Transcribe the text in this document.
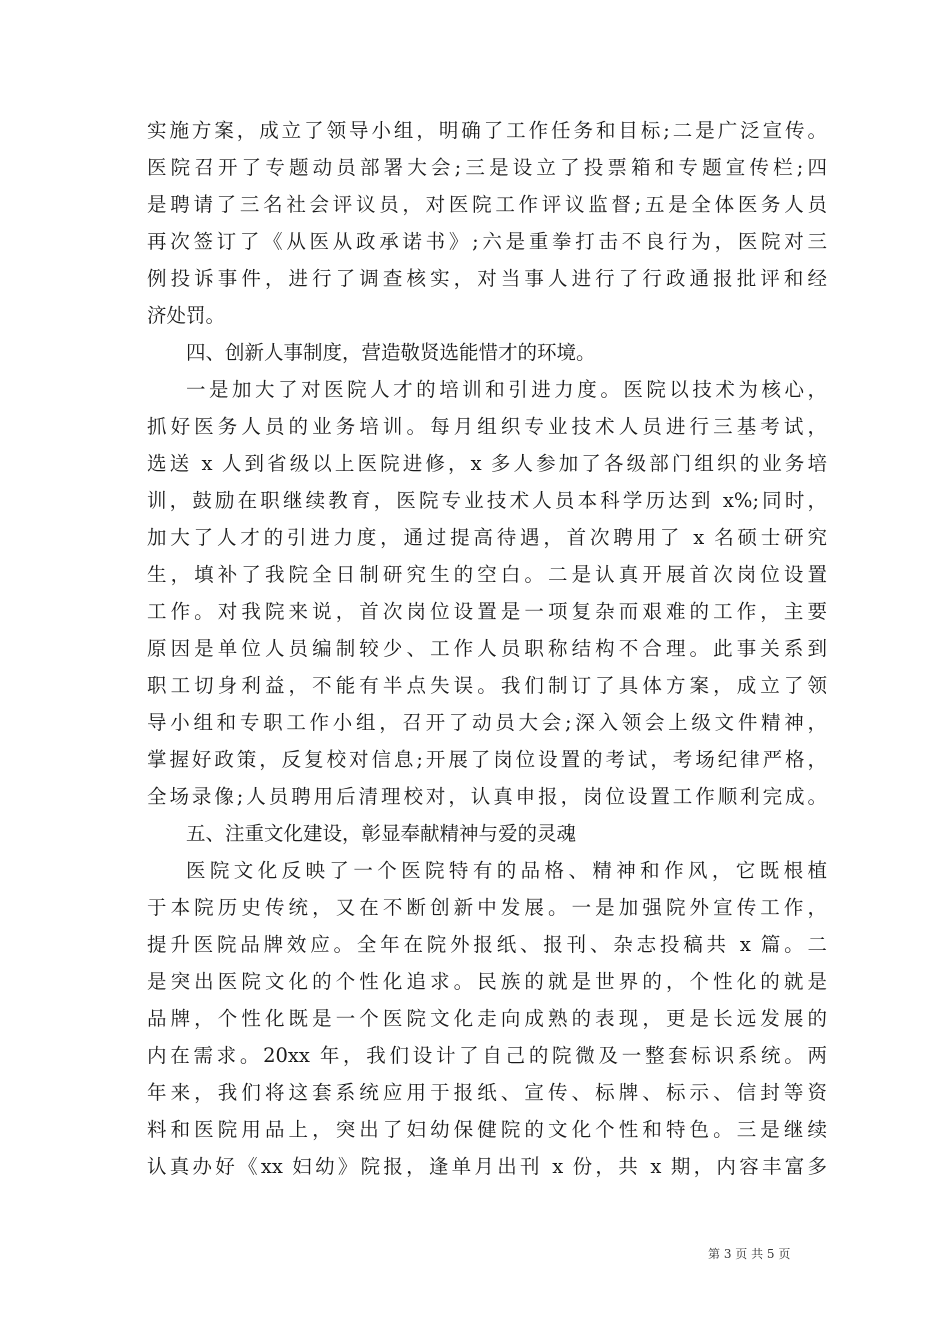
实施方案，成立了领导小组，明确了工作任务和目标;二是广泛宣传。
医院召开了专题动员部署大会;三是设立了投票箱和专题宣传栏;四
是聘请了三名社会评议员，对医院工作评议监督;五是全体医务人员
再次签订了《从医从政承诺书》;六是重拳打击不良行为，医院对三
例投诉事件，进行了调查核实，对当事人进行了行政通报批评和经
济处罚。
四、创新人事制度，营造敬贤选能惜才的环境。
一是加大了对医院人才的培训和引进力度。医院以技术为核心，
抓好医务人员的业务培训。每月组织专业技术人员进行三基考试，
选送 x 人到省级以上医院进修，x 多人参加了各级部门组织的业务培
训，鼓励在职继续教育，医院专业技术人员本科学历达到 x%;同时，
加大了人才的引进力度，通过提高待遇，首次聘用了 x 名硕士研究
生，填补了我院全日制研究生的空白。二是认真开展首次岗位设置
工作。对我院来说，首次岗位设置是一项复杂而艰难的工作，主要
原因是单位人员编制较少、工作人员职称结构不合理。此事关系到
职工切身利益，不能有半点失误。我们制订了具体方案，成立了领
导小组和专职工作小组，召开了动员大会;深入领会上级文件精神，
掌握好政策，反复校对信息;开展了岗位设置的考试，考场纪律严格，
全场录像;人员聘用后清理校对，认真申报，岗位设置工作顺利完成。
五、注重文化建设，彰显奉献精神与爱的灵魂
医院文化反映了一个医院特有的品格、精神和作风，它既根植
于本院历史传统，又在不断创新中发展。一是加强院外宣传工作，
提升医院品牌效应。全年在院外报纸、报刊、杂志投稿共 x 篇。二
是突出医院文化的个性化追求。民族的就是世界的，个性化的就是
品牌，个性化既是一个医院文化走向成熟的表现，更是长远发展的
内在需求。20xx 年，我们设计了自己的院微及一整套标识系统。两
年来，我们将这套系统应用于报纸、宣传、标牌、标示、信封等资
料和医院用品上，突出了妇幼保健院的文化个性和特色。三是继续
认真办好《xx 妇幼》院报，逢单月出刊 x 份，共 x 期，内容丰富多
第 3 页 共 5 页
